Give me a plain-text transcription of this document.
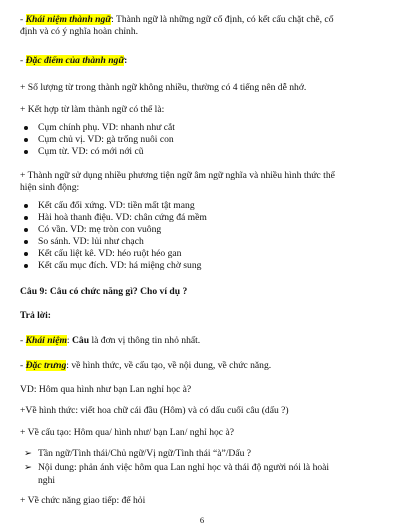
- Khái niệm thành ngữ: Thành ngữ là những ngữ cố định, có kết cấu chặt chẽ, cố
định và có ý nghĩa hoàn chỉnh.
- Đặc điểm của thành ngữ:
+ Số lượng từ trong thành ngữ không nhiều, thường có 4 tiếng nên dễ nhớ.
+ Kết hợp từ làm thành ngữ có thể là:
Cụm chính phụ. VD: nhanh như cắt
Cụm chủ vị. VD: gà trống nuôi con
Cụm từ. VD: có mới nới cũ
+ Thành ngữ sử dụng nhiều phương tiện ngữ âm ngữ nghĩa và nhiều hình thức thể
hiện sinh động:
Kết cấu đối xứng. VD: tiền mất tật mang
Hài hoà thanh điệu. VD: chân cứng đá mềm
Có vần. VD: mẹ tròn con vuông
So sánh. VD: lủi như chạch
Kết cấu liệt kê. VD: héo ruột héo gan
Kết cấu mục đích. VD: há miệng chờ sung
Câu 9: Câu có chức năng gì? Cho ví dụ ?
Trả lời:
- Khái niệm: Câu là đơn vị thông tin nhỏ nhất.
- Đặc trưng: về hình thức, về cấu tạo, về nội dung, về chức năng.
VD: Hôm qua hình như bạn Lan nghỉ học à?
+Về hình thức: viết hoa chữ cái đầu (Hôm) và có dấu cuối câu (dấu ?)
+ Về cấu tạo: Hôm qua/ hình như/ bạn Lan/ nghỉ học à?
➢ Tần ngữ/Tình thái/Chủ ngữ/Vị ngữ/Tình thái “à”/Dấu ?
➢ Nội dung: phản ánh việc hôm qua Lan nghỉ học và thái độ người nói là hoài
nghi
+ Về chức năng giao tiếp: để hỏi
6
